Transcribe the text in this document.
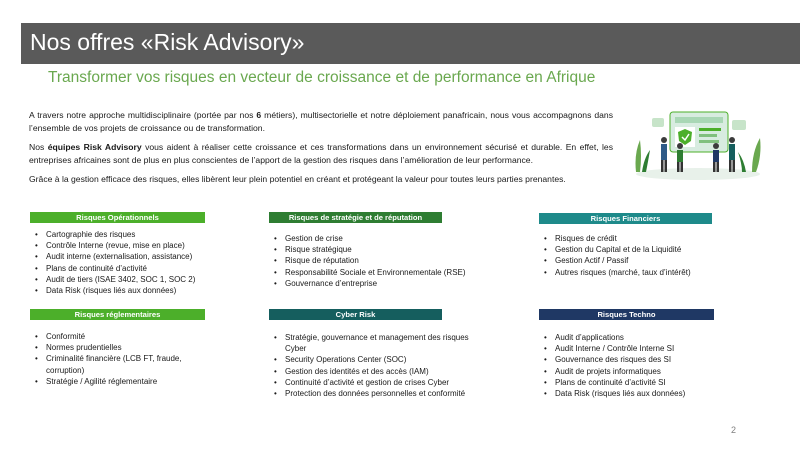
Nos offres «Risk Advisory»
Transformer vos risques en vecteur de croissance et de performance en Afrique

A travers notre approche multidisciplinaire (portée par nos 6 métiers), multisectorielle et notre déploiement panafricain, nous vous accompagnons dans l’ensemble de vos projets de croissance ou de transformation.

Nos équipes Risk Advisory vous aident à réaliser cette croissance et ces transformations dans un environnement sécurisé et durable. En effet, les entreprises africaines sont de plus en plus conscientes de l’apport de la gestion des risques dans l’amélioration de leur performance.

Grâce à la gestion efficace des risques, elles libèrent leur plein potentiel en créant et protégeant la valeur pour toutes leurs parties prenantes.

Risques Opérationnels
• Cartographie des risques
• Contrôle Interne (revue, mise en place)
• Audit interne (externalisation, assistance)
• Plans de continuité d’activité
• Audit de tiers (ISAE 3402, SOC 1, SOC 2)
• Data Risk (risques liés aux données)
Risques de stratégie et de réputation
• Gestion de crise
• Risque stratégique
• Risque de réputation
• Responsabilité Sociale et Environnementale (RSE)
• Gouvernance d’entreprise
Risques Financiers
• Risques de crédit
• Gestion du Capital et de la Liquidité
• Gestion Actif / Passif
• Autres risques (marché, taux d’intérêt)
Risques réglementaires
• Conformité
• Normes prudentielles
• Criminalité financière (LCB FT, fraude, corruption)
• Stratégie / Agilité réglementaire
Cyber Risk
• Stratégie, gouvernance et management des risques Cyber
• Security Operations Center (SOC)
• Gestion des identités et des accès (IAM)
• Continuité d’activité et gestion de crises Cyber
• Protection des données personnelles et conformité
Risques Techno
• Audit d’applications
• Audit Interne / Contrôle Interne SI
• Gouvernance des risques des SI
• Audit de projets informatiques
• Plans de continuité d’activité SI
• Data Risk (risques liés aux données)
2
